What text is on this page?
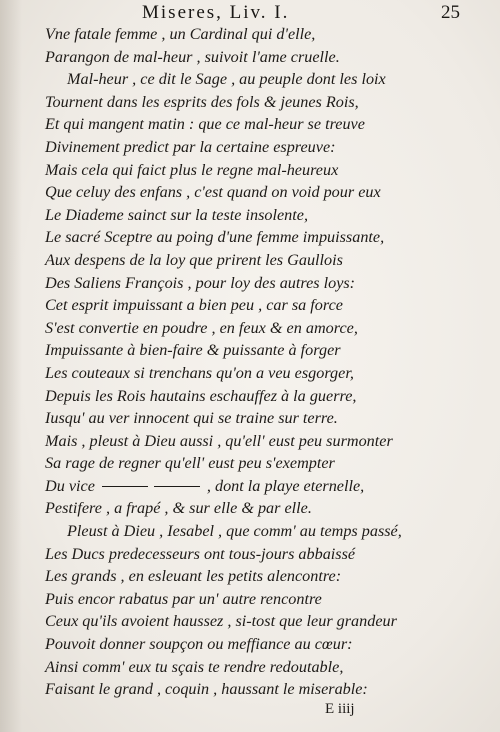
Miseres, Liv. I.	25
Vne fatale femme , un Cardinal qui d'elle,
Parangon de mal-heur , suivoit l'ame cruelle.
Mal-heur , ce dit le Sage , au peuple dont les loix
Tournent dans les esprits des fols & jeunes Rois,
Et qui mangent matin : que ce mal-heur se treuve
Divinement predict par la certaine espreuve:
Mais cela qui faict plus le regne mal-heureux
Que celuy des enfans , c'est quand on void pour eux
Le Diademe sainct sur la teste insolente,
Le sacré Sceptre au poing d'une femme impuissante,
Aux despens de la loy que prirent les Gaullois
Des Saliens François , pour loy des autres loys:
Cet esprit impuissant a bien peu , car sa force
S'est convertie en poudre , en feux & en amorce,
Impuissante à bien-faire & puissante à forger
Les couteaux si trenchans qu'on a veu esgorger,
Depuis les Rois hautains eschauffez à la guerre,
Iusqu' au ver innocent qui se traine sur terre.
Mais , pleust à Dieu aussi , qu'ell' eust peu surmonter
Sa rage de regner qu'ell' eust peu s'exempter
Du vice	, dont la playe eternelle,
Pestifere , a frapé , & sur elle & par elle.
Pleust à Dieu , Iesabel , que comm' au temps passé,
Les Ducs predecesseurs ont tous-jours abbaissé
Les grands , en esleuant les petits alencontre:
Puis encor rabatus par un' autre rencontre
Ceux qu'ils avoient haussez , si-tost que leur grandeur
Pouvoit donner soupçon ou meffiance au cœur:
Ainsi comm' eux tu sçais te rendre redoutable,
Faisant le grand , coquin , haussant le miserable:
E iiij
